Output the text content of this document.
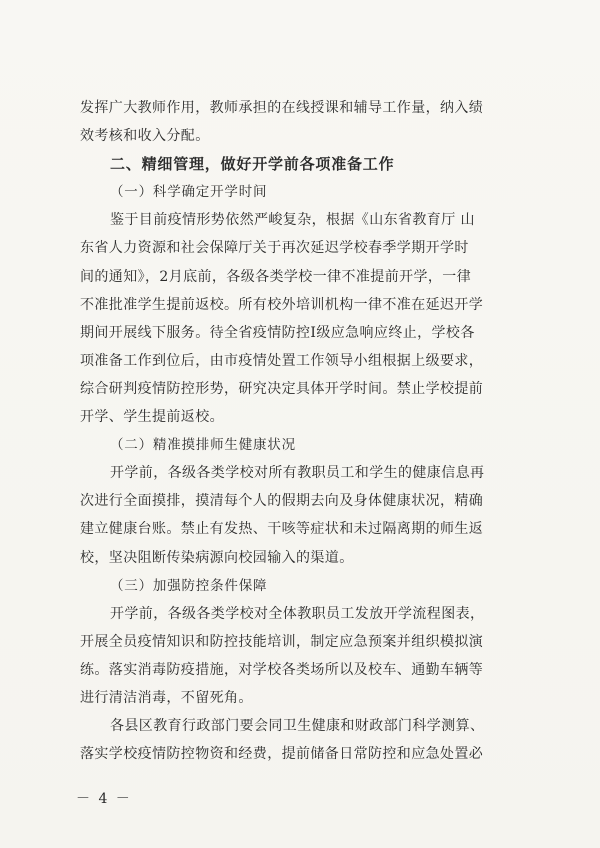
发挥广大教师作用，教师承担的在线授课和辅导工作量，纳入绩
效考核和收入分配。
二、精细管理，做好开学前各项准备工作
（一）科学确定开学时间
鉴于目前疫情形势依然严峻复杂，根据《山东省教育厅 山
东省人力资源和社会保障厅关于再次延迟学校春季学期开学时
间的通知》，2月底前，各级各类学校一律不准提前开学，一律
不准批准学生提前返校。所有校外培训机构一律不准在延迟开学
期间开展线下服务。待全省疫情防控Ⅰ级应急响应终止，学校各
项准备工作到位后，由市疫情处置工作领导小组根据上级要求，
综合研判疫情防控形势，研究决定具体开学时间。禁止学校提前
开学、学生提前返校。
（二）精准摸排师生健康状况
开学前，各级各类学校对所有教职员工和学生的健康信息再
次进行全面摸排，摸清每个人的假期去向及身体健康状况，精确
建立健康台账。禁止有发热、干咳等症状和未过隔离期的师生返
校，坚决阻断传染病源向校园输入的渠道。
（三）加强防控条件保障
开学前，各级各类学校对全体教职员工发放开学流程图表，
开展全员疫情知识和防控技能培训，制定应急预案并组织模拟演
练。落实消毒防疫措施，对学校各类场所以及校车、通勤车辆等
进行清洁消毒，不留死角。
各县区教育行政部门要会同卫生健康和财政部门科学测算、
落实学校疫情防控物资和经费，提前储备日常防控和应急处置必
－ 4 －
